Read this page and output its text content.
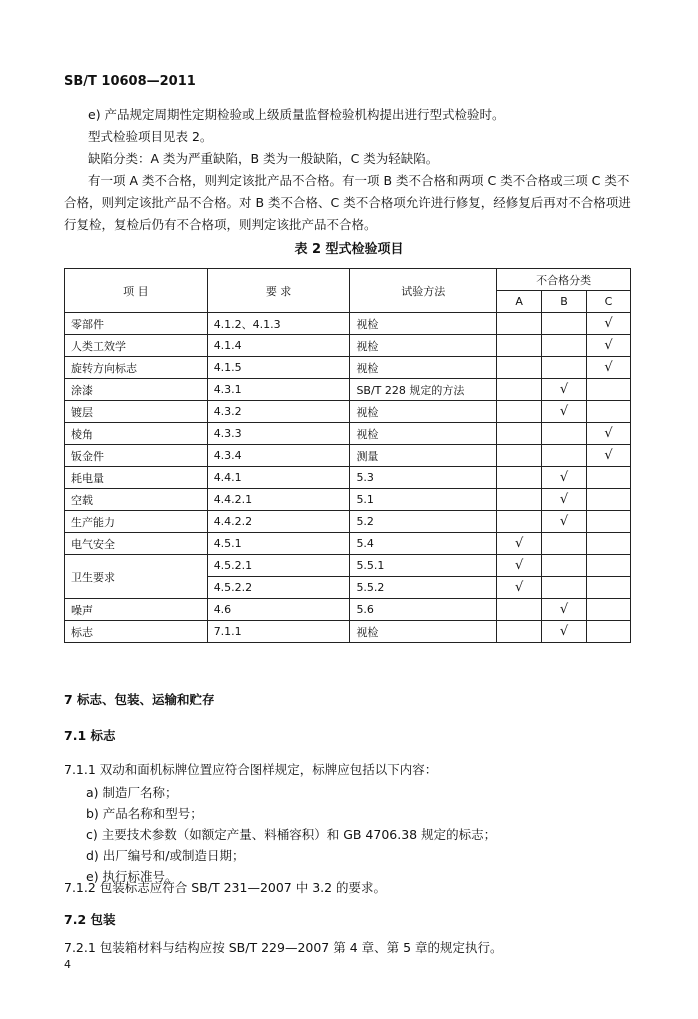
SB/T 10608—2011

e) 产品规定周期性定期检验或上级质量监督检验机构提出进行型式检验时。

型式检验项目见表 2。

缺陷分类：A 类为严重缺陷，B 类为一般缺陷，C 类为轻缺陷。

有一项 A 类不合格，则判定该批产品不合格。有一项 B 类不合格和两项 C 类不合格或三项 C 类不合格，则判定该批产品不合格。对 B 类不合格、C 类不合格项允许进行修复，经修复后再对不合格项进行复检，复检后仍有不合格项，则判定该批产品不合格。

表 2 型式检验项目
项 目	要 求	试验方法	不合格分类		
			A	B	C
零部件	4.1.2、4.1.3	视检			√
人类工效学	4.1.4	视检			√
旋转方向标志	4.1.5	视检			√
涂漆	4.3.1	SB/T 228 规定的方法		√	
镀层	4.3.2	视检		√	
棱角	4.3.3	视检			√
钣金件	4.3.4	测量			√
耗电量	4.4.1	5.3		√	
空载	4.4.2.1	5.1		√	
生产能力	4.4.2.2	5.2		√	
电气安全	4.5.1	5.4	√		
卫生要求	4.5.2.1	5.5.1	√		
	4.5.2.2	5.5.2	√		
噪声	4.6	5.6		√	
标志	7.1.1	视检		√	
7 标志、包装、运输和贮存
7.1 标志
7.1.1 双动和面机标牌位置应符合图样规定，标牌应包括以下内容：

a) 制造厂名称；

b) 产品名称和型号；

c) 主要技术参数（如额定产量、料桶容积）和 GB 4706.38 规定的标志；

d) 出厂编号和/或制造日期；

e) 执行标准号。

7.1.2 包装标志应符合 SB/T 231—2007 中 3.2 的要求。
7.2 包装
7.2.1 包装箱材料与结构应按 SB/T 229—2007 第 4 章、第 5 章的规定执行。
4
